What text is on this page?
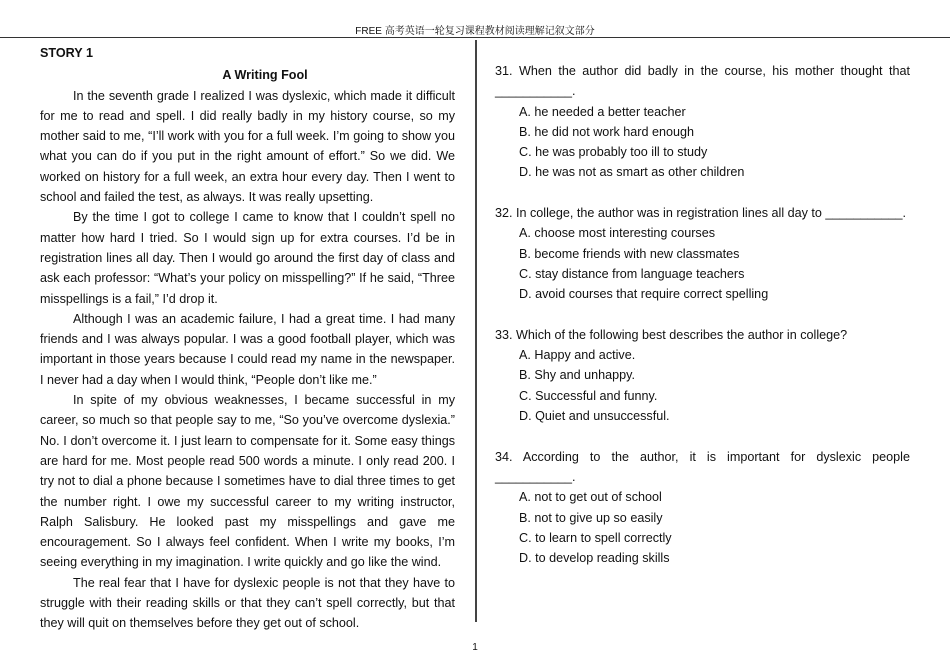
FREE 高考英语一轮复习课程教材阅读理解记叙文部分
STORY 1
A Writing Fool

In the seventh grade I realized I was dyslexic, which made it difficult for me to read and spell. I did really badly in my history course, so my mother said to me, “I’ll work with you for a full week. I’m going to show you what you can do if you put in the right amount of effort.” So we did. We worked on history for a full week, an extra hour every day. Then I went to school and failed the test, as always. It was really upsetting.

By the time I got to college I came to know that I couldn’t spell no matter how hard I tried. So I would sign up for extra courses. I’d be in registration lines all day. Then I would go around the first day of class and ask each professor: “What’s your policy on misspelling?” If he said, “Three misspellings is a fail,” I’d drop it.

Although I was an academic failure, I had a great time. I had many friends and I was always popular. I was a good football player, which was important in those years because I could read my name in the newspaper. I never had a day when I would think, “People don’t like me.”

In spite of my obvious weaknesses, I became successful in my career, so much so that people say to me, “So you’ve overcome dyslexia.” No. I don’t overcome it. I just learn to compensate for it. Some easy things are hard for me. Most people read 500 words a minute. I only read 200. I try not to dial a phone because I sometimes have to dial three times to get the number right. I owe my successful career to my writing instructor, Ralph Salisbury. He looked past my misspellings and gave me encouragement. So I always feel confident. When I write my books, I’m seeing everything in my imagination. I write quickly and go like the wind.

The real fear that I have for dyslexic people is not that they have to struggle with their reading skills or that they can’t spell correctly, but that they will quit on themselves before they get out of school.

31. When the author did badly in the course, his mother thought that ___________.
A. he needed a better teacher
B. he did not work hard enough
C. he was probably too ill to study
D. he was not as smart as other children
32. In college, the author was in registration lines all day to ___________.
A. choose most interesting courses
B. become friends with new classmates
C. stay distance from language teachers
D. avoid courses that require correct spelling
33. Which of the following best describes the author in college?
A. Happy and active.
B. Shy and unhappy.
C. Successful and funny.
D. Quiet and unsuccessful.
34. According to the author, it is important for dyslexic people ___________.
A. not to get out of school
B. not to give up so easily
C. to learn to spell correctly
D. to develop reading skills
1
